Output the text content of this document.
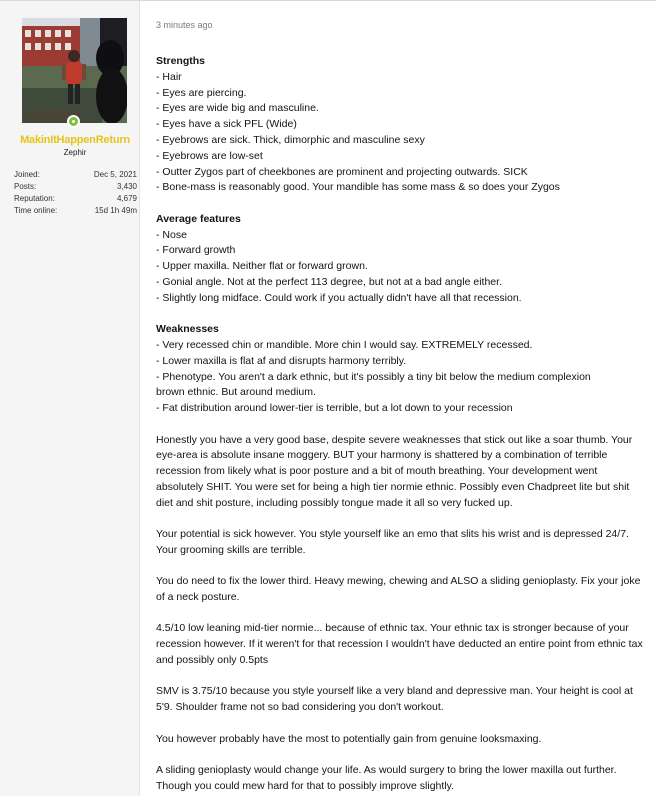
MakinItHappenReturn
Zephir
Joined:	Dec 5, 2021
Posts:	3,430
Reputation:	4,679
Time online:	15d 1h 49m
3 minutes ago
Strengths
- Hair
- Eyes are piercing.
- Eyes are wide big and masculine.
- Eyes have a sick PFL (Wide)
- Eyebrows are sick. Thick, dimorphic and masculine sexy
- Eyebrows are low-set
- Outter Zygos part of cheekbones are prominent and projecting outwards. SICK
- Bone-mass is reasonably good. Your mandible has some mass & so does your Zygos
Average features
- Nose
- Forward growth
- Upper maxilla. Neither flat or forward grown.
- Gonial angle. Not at the perfect 113 degree, but not at a bad angle either.
- Slightly long midface. Could work if you actually didn't have all that recession.
Weaknesses
- Very recessed chin or mandible. More chin I would say. EXTREMELY recessed.
- Lower maxilla is flat af and disrupts harmony terribly.
- Phenotype. You aren't a dark ethnic, but it's possibly a tiny bit below the medium complexion
brown ethnic. But around medium.
- Fat distribution around lower-tier is terrible, but a lot down to your recession

Honestly you have a very good base, despite severe weaknesses that stick out like a soar thumb. Your eye-area is absolute insane moggery. BUT your harmony is shattered by a combination of terrible recession from likely what is poor posture and a bit of mouth breathing. Your development went absolutely SHIT. You were set for being a high tier normie ethnic. Possibly even Chadpreet lite but shit diet and shit posture, including possibly tongue made it all so very fucked up.

Your potential is sick however. You style yourself like an emo that slits his wrist and is depressed 24/7. Your grooming skills are terrible.

You do need to fix the lower third. Heavy mewing, chewing and ALSO a sliding genioplasty. Fix your joke of a neck posture.

4.5/10 low leaning mid-tier normie... because of ethnic tax. Your ethnic tax is stronger because of your recession however. If it weren't for that recession I wouldn't have deducted an entire point from ethnic tax and possibly only 0.5pts

SMV is 3.75/10 because you style yourself like a very bland and depressive man. Your height is cool at 5'9. Shoulder frame not so bad considering you don't workout.

You however probably have the most to potentially gain from genuine looksmaxing.

A sliding genioplasty would change your life. As would surgery to bring the lower maxilla out further. Though you could mew hard for that to possibly improve slightly.
